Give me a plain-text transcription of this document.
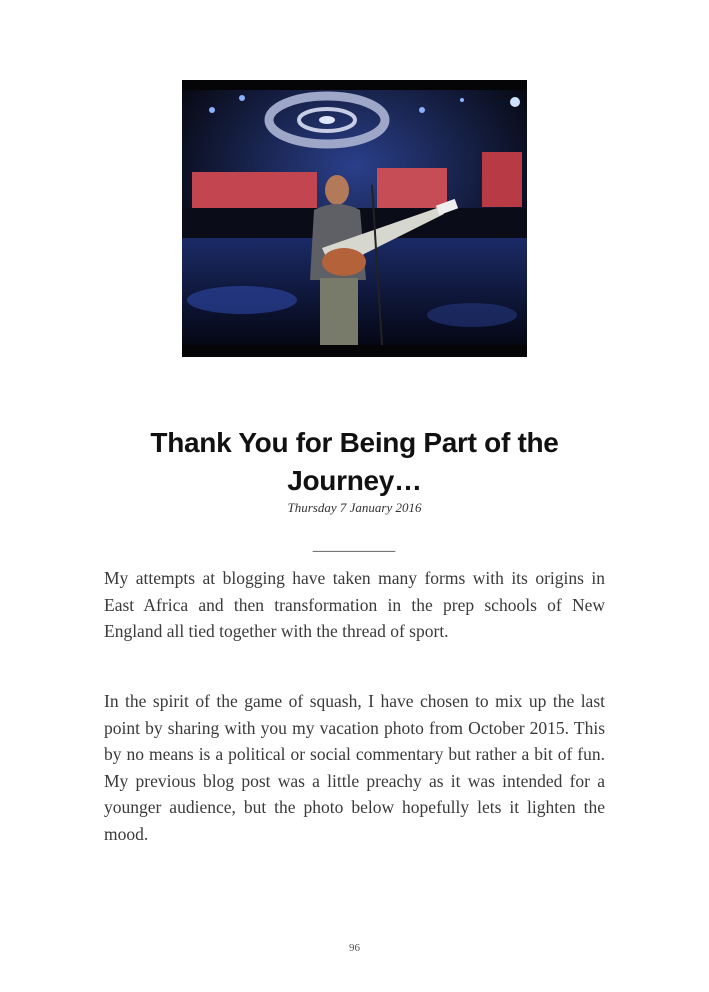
Thank You for Being Part of the Journey…
Thursday 7 January 2016
___________

My attempts at blogging have taken many forms with its origins in East Africa and then transformation in the prep schools of New England all tied together with the thread of sport.

In the spirit of the game of squash, I have chosen to mix up the last point by sharing with you my vacation photo from October 2015. This by no means is a political or social commentary but rather a bit of fun. My previous blog post was a little preachy as it was intended for a younger audience, but the photo below hopefully lets it lighten the mood.

96
